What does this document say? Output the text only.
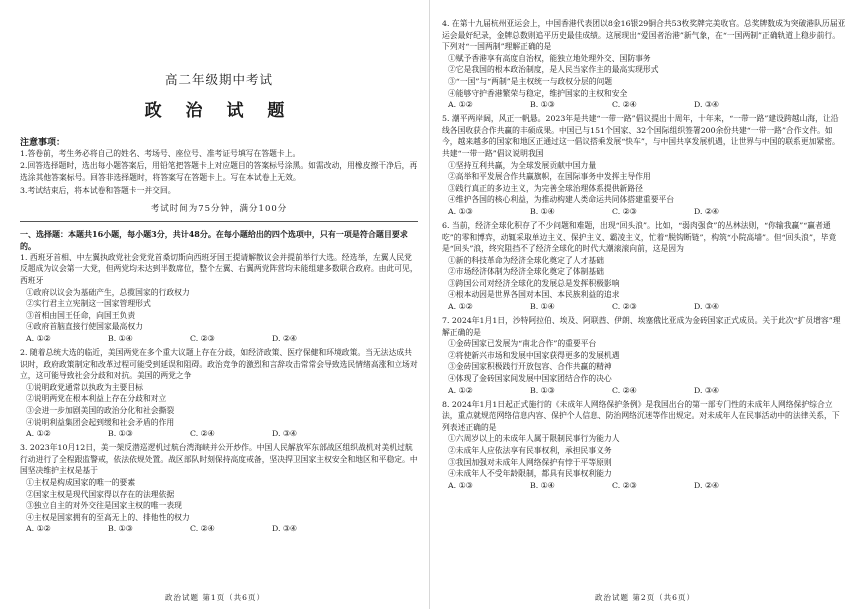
高二年级期中考试
政 治 试 题
注意事项：
1.答卷前，考生务必将自己的姓名、考场号、座位号、准考证号填写在答题卡上。
2.回答选择题时，选出每小题答案后，用铅笔把答题卡上对应题目的答案标号涂黑。如需改动，用橡皮擦干净后，再选涂其他答案标号。回答非选择题时，将答案写在答题卡上。写在本试卷上无效。
3.考试结束后，将本试卷和答题卡一并交回。
考试时间为75分钟，满分100分
一、选择题：本题共16小题，每小题3分，共计48分。在每小题给出的四个选项中，只有一项是符合题目要求的。
1. 西班牙首相、中左翼执政党社会党党首桑切斯向西班牙国王提请解散议会并提前举行大选。经选举，左翼人民党反超成为议会第一大党，但两党均未达到半数席位，整个左翼、右翼两党阵营均未能组建多数联合政府。由此可见，西班牙
①政府以议会为基础产生，总揽国家的行政权力
②实行君主立宪制这一国家管理形式
③首相由国王任命，向国王负责
④政府首脑直接行使国家最高权力
A. ①②	B. ①④	C. ②③	D. ②④
2. 随着总统大选的临近，美国两党在多个重大议题上存在分歧，如经济政策、医疗保健和环境政策。当无法达成共识时，政府政策制定和改革过程可能受到延误和阻碍。政治竞争的激烈和言辞攻击常常会导致选民情绪高涨和立场对立，这可能导致社会分歧和对抗。美国的两党之争
①说明政党通常以执政为主要目标
②说明两党在根本利益上存在分歧和对立
③会进一步加剧美国的政治分化和社会撕裂
④说明利益集团会起到缓和社会矛盾的作用
A. ①②	B. ①③	C. ②④	D. ③④
3. 2023年10月12日，美一架反潜巡逻机过航台湾海峡并公开炒作。中国人民解放军东部战区组织战机对美机过航行动进行了全程跟监警戒，依法依规处置。战区部队时刻保持高度戒备，坚决捍卫国家主权安全和地区和平稳定。中国坚决维护主权是基于
①主权是构成国家的唯一的要素
②国家主权是现代国家得以存在的法理依据
③独立自主的对外交往是国家主权的唯一表现
④主权是国家拥有的至高无上的、排他性的权力
A. ①②	B. ①③	C. ②④	D. ③④
政治试题 第1页（共6页）
4. 在第十九届杭州亚运会上，中国香港代表团以8金16银29铜合共53枚奖牌完美收官。总奖牌数成为突破港队历届亚运会最好纪录，金牌总数则追平历史最佳成绩。这展现出“爱国者治港”新气象，在“一国两制”正确轨道上稳步前行。下列对“一国两制”理解正确的是
①赋予香港享有高度自治权，能独立地处理外交、国防事务
②它是我国的根本政治制度，是人民当家作主的最高实现形式
③“一国”与“两制”是主权统一与政权分层的问题
④能够守护香港繁荣与稳定，维护国家的主权和安全
A. ①②	B. ①③	C. ②④	D. ③④
5. 潮平两岸阔，风正一帆悬。2023年是共建“一带一路”倡议提出十周年，十年来，“一带一路”建设跨越山海，让沿线各国收获合作共赢的丰硕成果。中国已与151个国家、32个国际组织签署200余份共建“一带一路”合作文件。如今，越来越多的国家和地区正通过这一倡议搭乘发展“快车”，与中国共享发展机遇，让世界与中国的联系更加紧密。共建“一带一路”倡议说明我国
①坚持互利共赢，为全球发展贡献中国力量
②高举和平发展合作共赢旗帜，在国际事务中发挥主导作用
③践行真正的多边主义，为完善全球治理体系提供新路径
④维护各国的核心利益，为推动构建人类命运共同体搭建重要平台
A. ①③	B. ①④	C. ②③	D. ②④
6. 当前，经济全球化积存了不少问题和难题，出现“回头浪”。比如，“弱肉强食”的丛林法则，“你输我赢”“赢者通吃”的零和博弈，动辄采取单边主义、保护主义、霸凌主义，忙着“脱钩断链”，构筑“小院高墙”。但“回头浪”，毕竟是“回头”浪，终究阻挡不了经济全球化的时代大潮滚滚向前，这是因为
①新的科技革命为经济全球化奠定了人才基础
②市场经济体制为经济全球化奠定了体制基础
③跨国公司对经济全球化的发展总是发挥积极影响
④根本动因是世界各国对本国、本民族利益的追求
A. ①②	B. ①④	C. ②③	D. ③④
7. 2024年1月1日，沙特阿拉伯、埃及、阿联酋、伊朗、埃塞俄比亚成为金砖国家正式成员。关于此次“扩员增容”理解正确的是
①金砖国家已发展为“南北合作”的重要平台
②将使新兴市场和发展中国家获得更多的发展机遇
③金砖国家积极践行开放包容、合作共赢的精神
④体现了金砖国家间发展中国家团结合作的决心
A. ①②	B. ①③	C. ②④	D. ③④
8. 2024年1月1日起正式施行的《未成年人网络保护条例》是我国出台的第一部专门性的未成年人网络保护综合立法，重点就规范网络信息内容、保护个人信息、防治网络沉迷等作出规定。对未成年人在民事活动中的法律关系，下列表述正确的是
①六周岁以上的未成年人属于限制民事行为能力人
②未成年人应依法享有民事权利，承担民事义务
③我国加强对未成年人网络保护有悖于平等原则
④未成年人不受年龄限制，都具有民事权利能力
A. ①③	B. ①④	C. ②③	D. ②④
政治试题 第2页（共6页）
